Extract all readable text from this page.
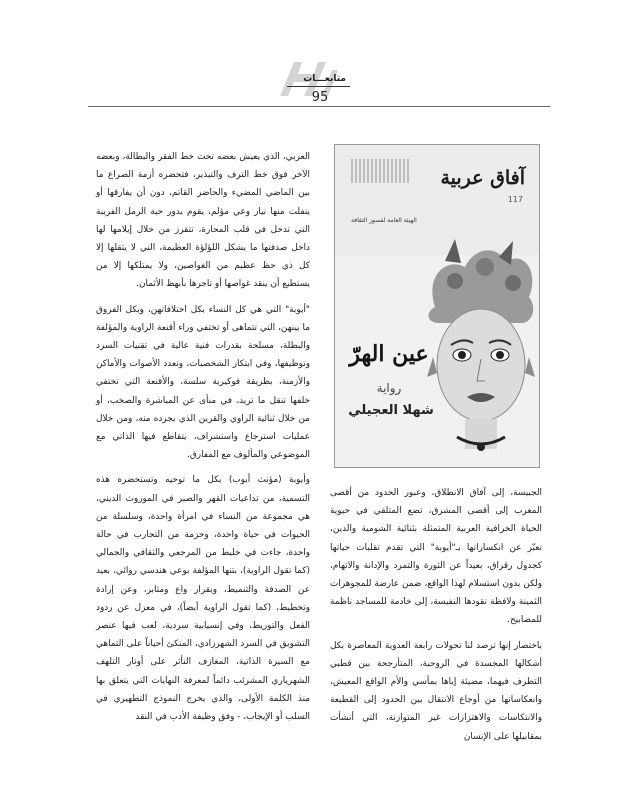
متابعـــات
95

العربي، الذي يعيش بعضه تحت خط الفقر والبطالة، وبعضه الآخر فوق خط الترف والتبذير، فتحضره أزمة الصراع ما بين الماضي المضيء والحاضر القاتم، دون أن يفارقها أو ينفلت منها نيار وعي مؤلم، يقوم بدور حبة الرمل الفريبة التي تدخل في قلب المحارة، تتقرز من خلال إيلامها لها داخل صدفتها ما يشكل اللؤلؤة العظيمة، التي لا يتقلها إلا كل ذي حظ عظيم من الغواصين، ولا يمتلكها إلا من يستطيع أن ينقد غواصها أو تاجرها بأبهظ الأثمان.

"أيوبة" التي هي كل النساء بكل اختلافاتهن، وبكل الفروق ما بينهن، التي تتماهى أو تختفي وراء أقنعة الراوية والمؤلفة والبطلة، مسلحة بقدرات فنية عالية في تقنيات السرد وتوظيفها، وفي ابتكار الشخصيات، وتعدد الأصوات والأماكن والأزمنة، بطريقة فوكيرية سلسة، والأقنعة التي تختفي خلفها تنقل ما تريد، في منأى عن المباشرة والصخب، أو من خلال ثنائية الراوي والقرين الذي يجرده منه، ومن خلال عمليات استرجاع واستشراف، يتقاطع فيها الذاتي مع الموضوعي والمألوف مع المفارق.

وأيوبة (مؤنث أيوب) بكل ما توحيه وتستحضره هذه التسمية، من تداعيات القهر والصبر في الموروث الديني، هي مجموعة من النساء في امرأة واحدة، وسلسلة من الحيوات في حياة واحدة، وحزمة من التجارب في حالة واحدة، جاءت في خليط من المرجعي والثقافي والجمالي (كما تقول الراوية)، بتنها المؤلفة بوعي هندسي روائي، بعيد عن الصدفة والتنميط، وبقرار واع ومثابر، وعن إرادة وتخطيط، (كما تقول الراوية أيضاً)، في معزل عن ردود الفعل والتوريط، وفي إنسيابية سردية، لعب فيها عنصر التشويق في السرد الشهرزادي، المتكئ أحياناً على التماهي مع السيرة الذاتية، المغازف التأثر على أوتار التلهف الشهرياري المشرئب دائماً لمعرفة النهايات التي يتعلق بها منذ الكلمة الأولى، والذي يخرج النموذج التطهيري في السلب أو الإيجاب، - وفق وظيفة الأدب في النقد

آفاق عربية
117
الهيئة العامة لقصور الثقافة
عين الهرّ
رواية
شهلا العجيلي

الجبيسة، إلى آفاق الانطلاق، وعبور الحدود من أقصى المغرب إلى أقصى المشرق، تضع المتلقي في حيوية الحياة الخرافية العربية المتمثلة بثنائية الشومية والدين، تعبّر عن انكساراتها بـ"أيوبة" التي تقدم تقلبات حياتها كجدول رقراق، بعيداً عن الثورة والتمرد والإدانة والاتهام، ولكن بدون استسلام لهذا الواقع، ضمن عارضة للمجوهرات الثمينة ولافظة نقودها النفيسة، إلى خادمة للمساجد ناظمة للمصابيح.

باختصار إنها ترصد لنا تحولات رابعة العدوية المعاصرة بكل أشكالها المجسدة في الروحية، المتأرجحة بين قطبي التطرف فيهما، مضيئة إياها بمأسي والأم الواقع المعيش، وانعكاساتها من أوجاع الانتقال بين الحدود إلى القطيعة والانتكاسات والاهتزازات غير المتوازنة، التي أنشأت بمقابيلها على الإنسان
